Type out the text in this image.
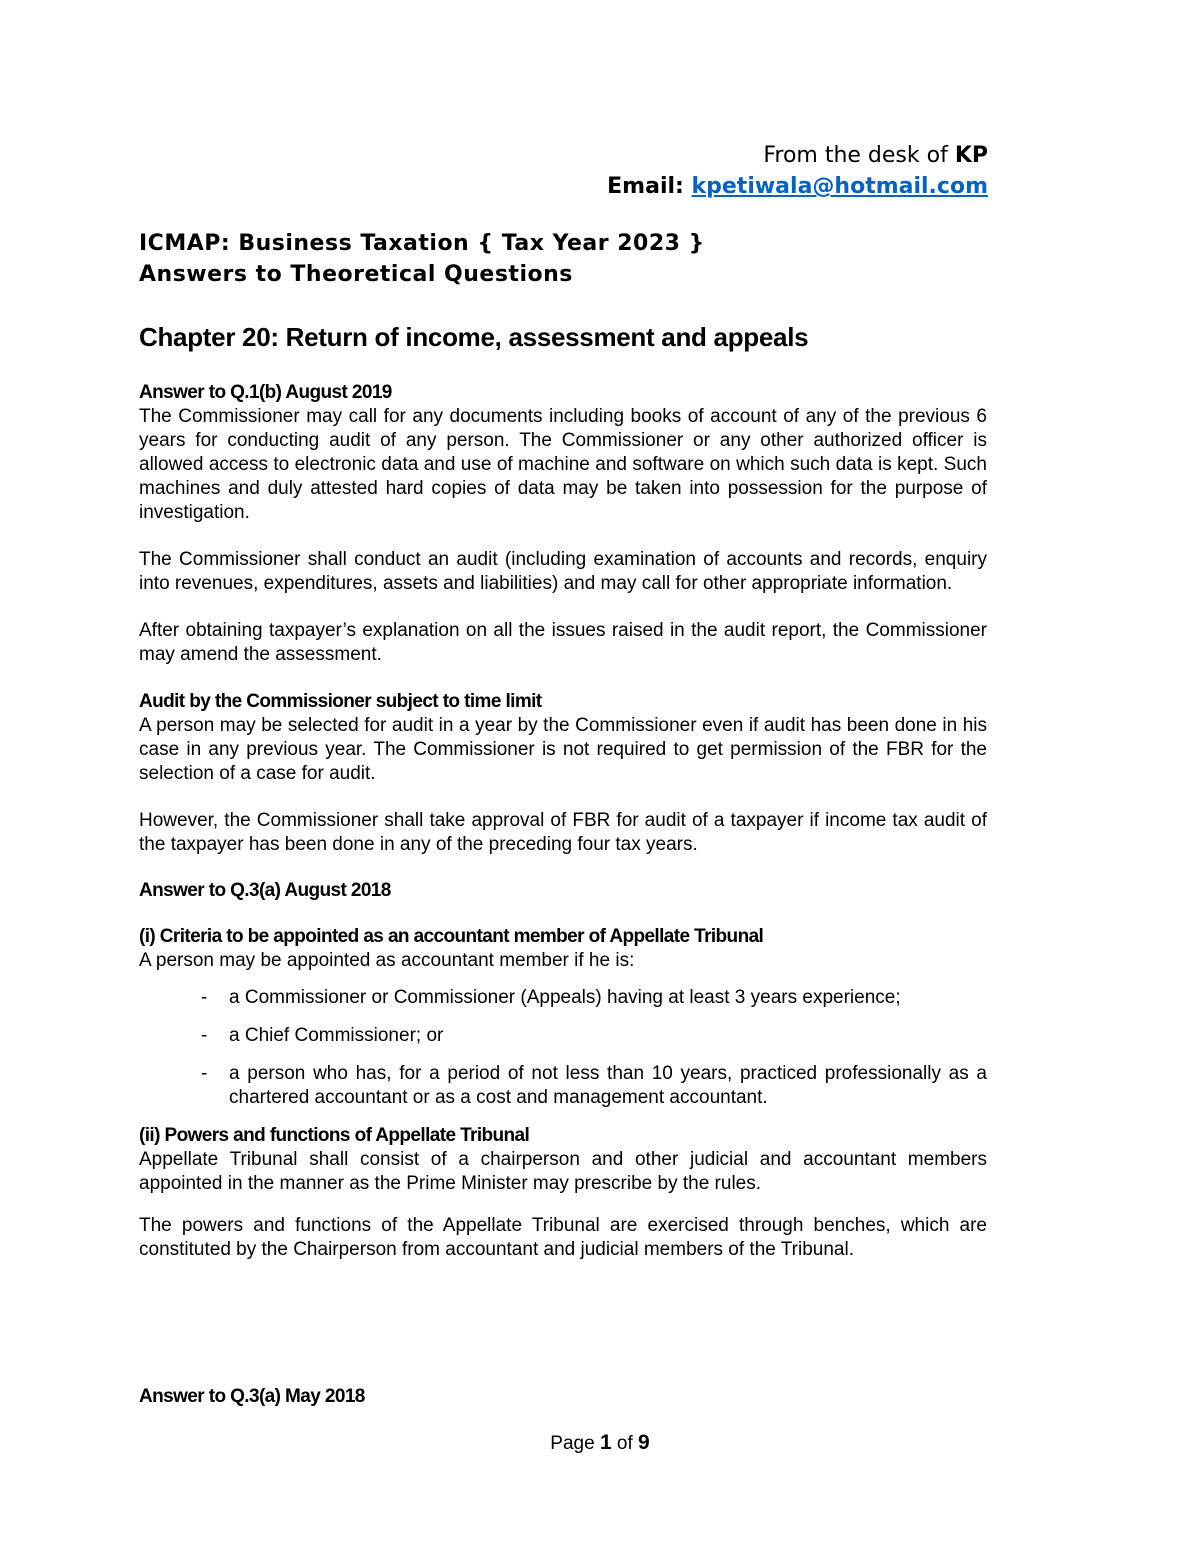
From the desk of KP
Email: kpetiwala@hotmail.com
ICMAP: Business Taxation { Tax Year 2023 }
Answers to Theoretical Questions
Chapter 20: Return of income, assessment and appeals
Answer to Q.1(b) August 2019

The Commissioner may call for any documents including books of account of any of the previous 6 years for conducting audit of any person. The Commissioner or any other authorized officer is allowed access to electronic data and use of machine and software on which such data is kept. Such machines and duly attested hard copies of data may be taken into possession for the purpose of investigation.

The Commissioner shall conduct an audit (including examination of accounts and records, enquiry into revenues, expenditures, assets and liabilities) and may call for other appropriate information.

After obtaining taxpayer’s explanation on all the issues raised in the audit report, the Commissioner may amend the assessment.

Audit by the Commissioner subject to time limit

A person may be selected for audit in a year by the Commissioner even if audit has been done in his case in any previous year. The Commissioner is not required to get permission of the FBR for the selection of a case for audit.

However, the Commissioner shall take approval of FBR for audit of a taxpayer if income tax audit of the taxpayer has been done in any of the preceding four tax years.

Answer to Q.3(a) August 2018
(i) Criteria to be appointed as an accountant member of Appellate Tribunal

A person may be appointed as accountant member if he is:

- a Commissioner or Commissioner (Appeals) having at least 3 years experience;
- a Chief Commissioner; or
- a person who has, for a period of not less than 10 years, practiced professionally as a chartered accountant or as a cost and management accountant.
(ii) Powers and functions of Appellate Tribunal

Appellate Tribunal shall consist of a chairperson and other judicial and accountant members appointed in the manner as the Prime Minister may prescribe by the rules.

The powers and functions of the Appellate Tribunal are exercised through benches, which are constituted by the Chairperson from accountant and judicial members of the Tribunal.

Answer to Q.3(a) May 2018
Page 1 of 9
